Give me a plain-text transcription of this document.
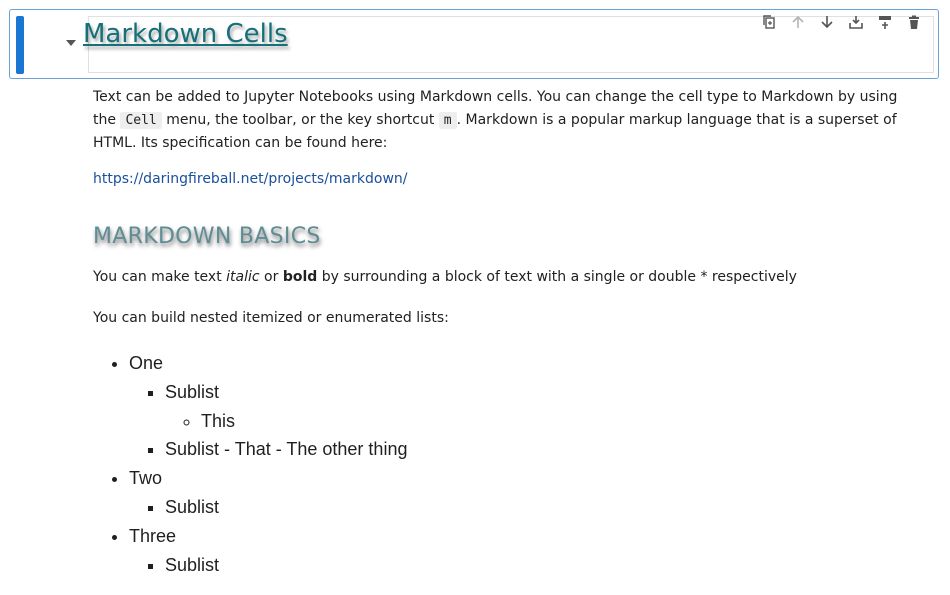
Markdown Cells

Text can be added to Jupyter Notebooks using Markdown cells. You can change the cell type to Markdown by using the Cell menu, the toolbar, or the key shortcut m . Markdown is a popular markup language that is a superset of HTML. Its specification can be found here:

https://daringfireball.net/projects/markdown/
MARKDOWN BASICS

You can make text italic or bold by surrounding a block of text with a single or double * respectively

You can build nested itemized or enumerated lists:

• One
▪ Sublist
◦ This
▪ Sublist - That - The other thing
• Two
▪ Sublist
• Three
▪ Sublist
